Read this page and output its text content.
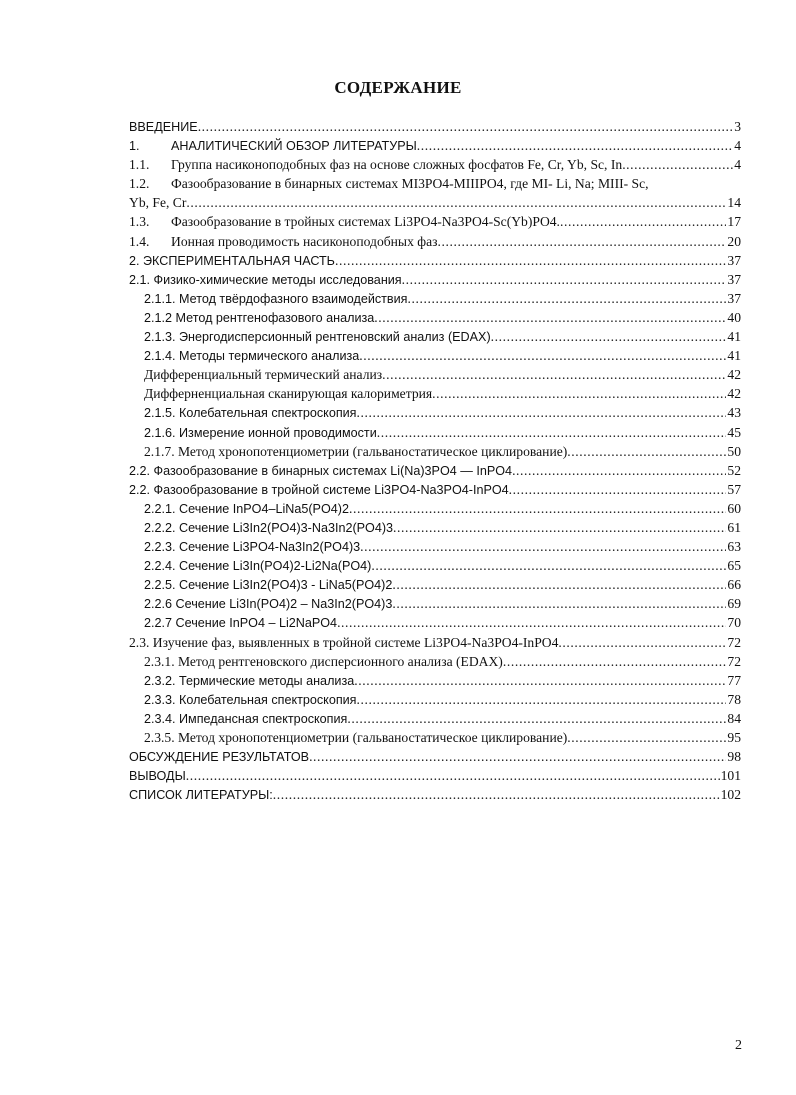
СОДЕРЖАНИЕ
ВВЕДЕНИЕ .....	3
1. АНАЛИТИЧЕСКИЙ ОБЗОР ЛИТЕРАТУРЫ .....	4
1.1. Группа насиконоподобных фаз на основе сложных фосфатов Fe, Cr, Yb, Sc, In .....	4
1.2. Фазообразование в бинарных системах MI3PO4-MIIIPO4, где MI- Li, Na; MIII- Sc,
Yb, Fe, Cr .....	14
1.3. Фазообразование в тройных системах Li3PO4-Na3PO4-Sc(Yb)PO4. .....	17
1.4. Ионная проводимость насиконоподобных фаз .....	20
2. ЭКСПЕРИМЕНТАЛЬНАЯ ЧАСТЬ .....	37
2.1. Физико-химические методы исследования .....	37
2.1.1. Метод твёрдофазного взаимодействия .....	37
2.1.2 Метод рентгенофазового анализа .....	40
2.1.3. Энергодисперсионный рентгеновский анализ (EDAX) .....	41
2.1.4. Методы термического анализа .....	41
Дифференциальный термический анализ .....	42
Дифферненциальная сканирующая калориметрия .....	42
2.1.5. Колебательная спектроскопия .....	43
2.1.6. Измерение ионной проводимости .....	45
2.1.7. Метод хронопотенциометрии (гальваностатическое циклирование) .....	50
2.2. Фазообразование в бинарных системах Li(Na)3PO4 — InPO4 .....	52
2.2. Фазообразование в тройной системе Li3PO4-Na3PO4-InPO4 .....	57
2.2.1. Сечение InPO4–LiNa5(PO4)2 .....	60
2.2.2. Сечение Li3In2(PO4)3-Na3In2(PO4)3 .....	61
2.2.3. Сечение Li3PO4-Na3In2(PO4)3 .....	63
2.2.4. Сечение Li3In(PO4)2-Li2Na(PO4) .....	65
2.2.5. Сечение Li3In2(PO4)3 - LiNa5(PO4)2 .....	66
2.2.6 Сечение Li3In(PO4)2 – Na3In2(PO4)3 .....	69
2.2.7 Сечение InPO4 – Li2NaPO4 .....	70
2.3. Изучение фаз, выявленных в тройной системе Li3PO4-Na3PO4-InPO4 .....	72
2.3.1. Метод рентгеновского дисперсионного анализа (EDAX) .....	72
2.3.2. Термические методы анализа .....	77
2.3.3. Колебательная спектроскопия .....	78
2.3.4. Импедансная спектроскопия .....	84
2.3.5. Метод хронопотенциометрии (гальваностатическое циклирование) .....	95
ОБСУЖДЕНИЕ РЕЗУЛЬТАТОВ .....	98
ВЫВОДЫ .....	101
СПИСОК ЛИТЕРАТУРЫ: .....	102
2
